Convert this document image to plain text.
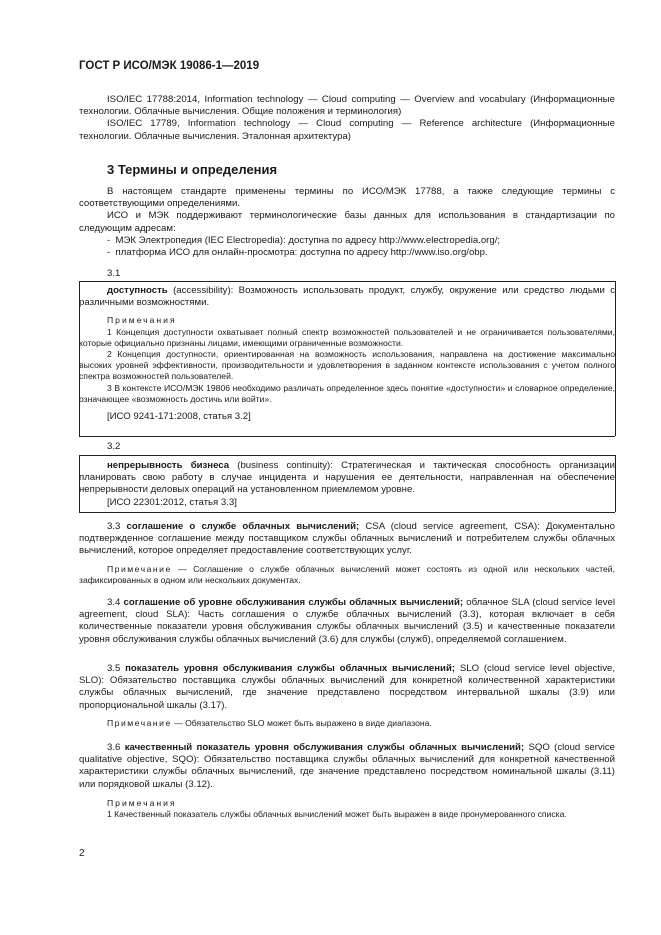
ГОСТ Р ИСО/МЭК 19086-1—2019

ISO/IEC 17788:2014, Information technology — Cloud computing — Overview and vocabulary (Информационные технологии. Облачные вычисления. Общие положения и терминология)

ISO/IEC 17789, Information technology — Cloud computing — Reference architecture (Информационные технологии. Облачные вычисления. Эталонная архитектура)

3 Термины и определения

В настоящем стандарте применены термины по ИСО/МЭК 17788, а также следующие термины с соответствующими определениями.

ИСО и МЭК поддерживают терминологические базы данных для использования в стандартизации по следующим адресам:

-  МЭК Электропедия (IEC Electropedia): доступна по адресу http://www.electropedia.org/;

-  платформа ИСО для онлайн-просмотра: доступна по адресу http://www.iso.org/obp.

3.1

доступность (accessibility): Возможность использовать продукт, службу, окружение или средство людьми с различными возможностями.

Примечания

1 Концепция доступности охватывает полный спектр возможностей пользователей и не ограничивается пользователями, которые официально признаны лицами, имеющими ограниченные возможности.

2 Концепция доступности, ориентированная на возможность использования, направлена на достижение максимально высоких уровней эффективности, производительности и удовлетворения в заданном контексте использования с учетом полного спектра возможностей пользователей.

3 В контексте ИСО/МЭК 19806 необходимо различать определенное здесь понятие «доступности» и словарное определение, означающее «возможность достичь или войти».

[ИСО 9241-171:2008, статья 3.2]

3.2

непрерывность бизнеса (business continuity): Стратегическая и тактическая способность организации планировать свою работу в случае инцидента и нарушения ее деятельности, направленная на обеспечение непрерывности деловых операций на установленном приемлемом уровне.

[ИСО 22301:2012, статья 3.3]

3.3 соглашение о службе облачных вычислений; CSA (cloud service agreement, CSA): Документально подтвержденное соглашение между поставщиком службы облачных вычислений и потребителем службы облачных вычислений, которое определяет предоставление соответствующих услуг.

Примечание — Соглашение о службе облачных вычислений может состоять из одной или нескольких частей, зафиксированных в одном или нескольких документах.

3.4 соглашение об уровне обслуживания службы облачных вычислений; облачное SLA (cloud service level agreement, cloud SLA): Часть соглашения о службе облачных вычислений (3.3), которая включает в себя количественные показатели уровня обслуживания службы облачных вычислений (3.5) и качественные показатели уровня обслуживания службы облачных вычислений (3.6) для службы (служб), определяемой соглашением.

3.5 показатель уровня обслуживания службы облачных вычислений; SLO (cloud service level objective, SLO): Обязательство поставщика службы облачных вычислений для конкретной количественной характеристики службы облачных вычислений, где значение представлено посредством интервальной шкалы (3.9) или пропорциональной шкалы (3.17).

Примечание — Обязательство SLO может быть выражено в виде диапазона.

3.6 качественный показатель уровня обслуживания службы облачных вычислений; SQO (cloud service qualitative objective, SQO): Обязательство поставщика службы облачных вычислений для конкретной качественной характеристики службы облачных вычислений, где значение представлено посредством номинальной шкалы (3.11) или порядковой шкалы (3.12).

Примечания

1 Качественный показатель службы облачных вычислений может быть выражен в виде пронумерованного списка.

2
